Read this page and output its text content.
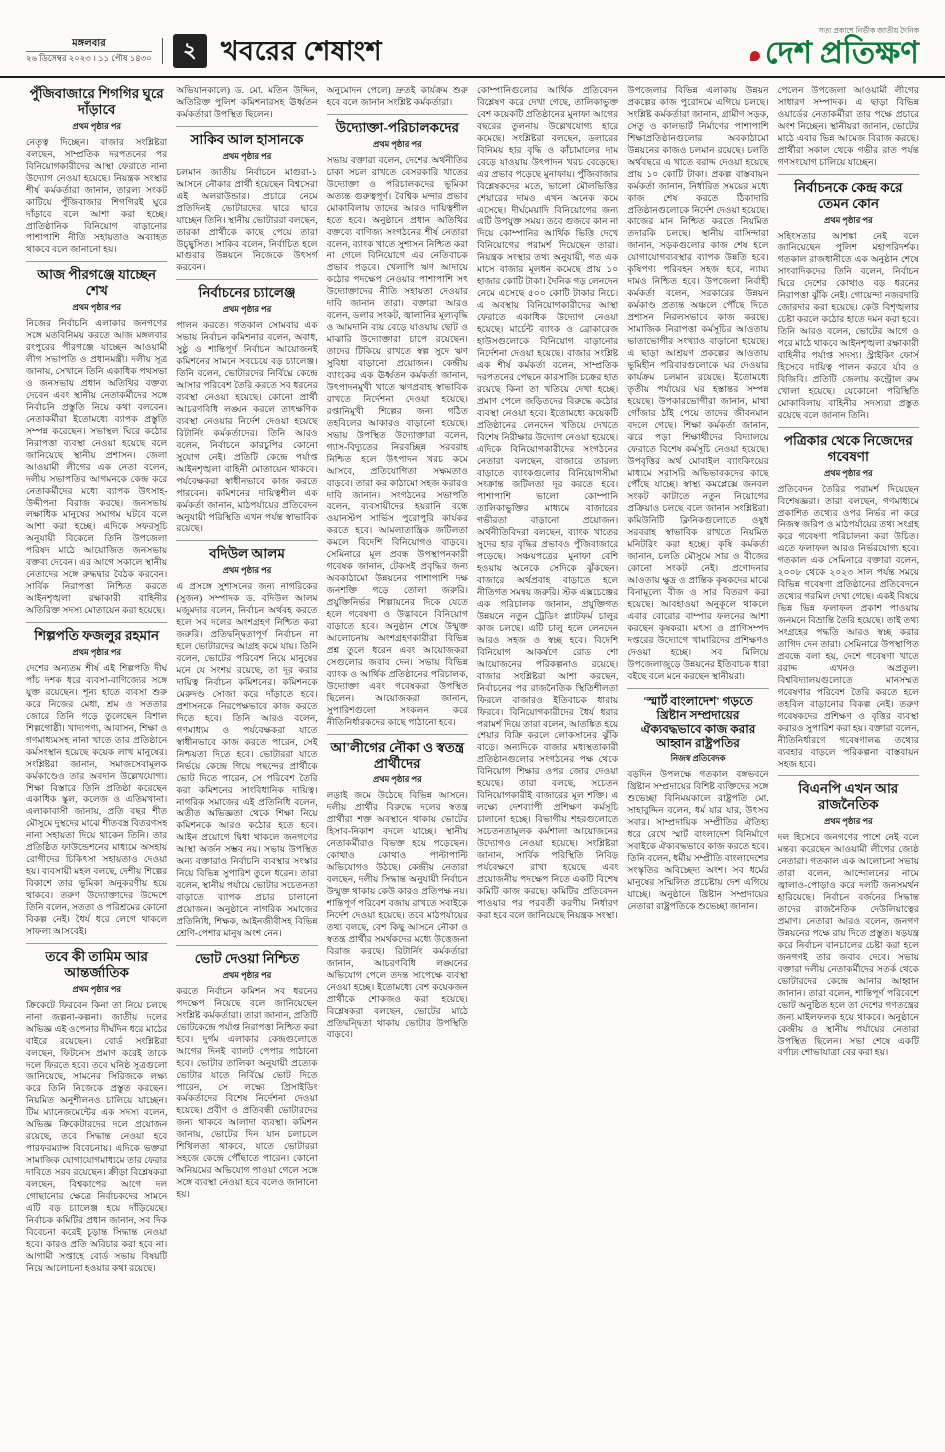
মঙ্গলবার
২৬ ডিসেম্বর ২০২৩ । ১১ পৌষ ১৪৩০	২ খবরের শেষাংশ
সত্য প্রকাশে নির্ভীক জাতীয় দৈনিক
দেশ প্রতিক্ষণ
পুঁজিবাজারে শিগগির ঘুরে দাঁড়াবে
প্রথম পৃষ্ঠার পর

নেতৃত্ব দিচ্ছেন। বাজার সংশ্লিষ্টরা বলছেন, সাম্প্রতিক দরপতনের পর বিনিয়োগকারীদের আস্থা ফেরাতে নানা উদ্যোগ নেওয়া হয়েছে। নিয়ন্ত্রক সংস্থার শীর্ষ কর্মকর্তারা জানান, তারল্য সংকট কাটিয়ে পুঁজিবাজার শিগগিরই ঘুরে দাঁড়াবে বলে আশা করা হচ্ছে। প্রাতিষ্ঠানিক বিনিয়োগ বাড়ানোর পাশাপাশি নীতি সহায়তাও অব্যাহত থাকবে বলে জানানো হয়।

আজ পীরগঞ্জে যাচ্ছেন শেখ
প্রথম পৃষ্ঠার পর

নিজের নির্বাচনি এলাকার জনগণের সঙ্গে মতবিনিময় করতে আজ মঙ্গলবার রংপুরের পীরগঞ্জে যাচ্ছেন আওয়ামী লীগ সভাপতি ও প্রধানমন্ত্রী। দলীয় সূত্র জানায়, সেখানে তিনি একাধিক পথসভা ও জনসভায় প্রধান অতিথির বক্তব্য দেবেন এবং স্থানীয় নেতাকর্মীদের সঙ্গে নির্বাচনি প্রস্তুতি নিয়ে কথা বলবেন। নেতাকর্মীরা ইতোমধ্যে ব্যাপক প্রস্তুতি সম্পন্ন করেছেন। সভাস্থল ঘিরে কঠোর নিরাপত্তা ব্যবস্থা নেওয়া হয়েছে বলে জানিয়েছে স্থানীয় প্রশাসন। জেলা আওয়ামী লীগের এক নেতা বলেন, দলীয় সভাপতির আগমনকে কেন্দ্র করে নেতাকর্মীদের মধ্যে ব্যাপক উৎসাহ-উদ্দীপনা বিরাজ করছে। জনসভায় লক্ষাধিক মানুষের সমাগম ঘটবে বলে আশা করা হচ্ছে। এদিকে সফরসূচি অনুযায়ী বিকেলে তিনি উপজেলা পরিষদ মাঠে আয়োজিত জনসভায় বক্তব্য দেবেন। এর আগে সকালে স্থানীয় নেতাদের সঙ্গে রুদ্ধদ্বার বৈঠক করবেন। সার্বিক নিরাপত্তা নিশ্চিত করতে আইনশৃঙ্খলা রক্ষাকারী বাহিনীর অতিরিক্ত সদস্য মোতায়েন করা হয়েছে।

শিল্পপতি ফজলুর রহমান
প্রথম পৃষ্ঠার পর

দেশের অন্যতম শীর্ষ এই শিল্পপতি দীর্ঘ পাঁচ দশক ধরে ব্যবসা-বাণিজ্যের সঙ্গে যুক্ত রয়েছেন। শূন্য হাতে ব্যবসা শুরু করে নিজের মেধা, শ্রম ও সততার জোরে তিনি গড়ে তুলেছেন বিশাল শিল্পগোষ্ঠী। খাদ্যপণ্য, আবাসন, শিক্ষা ও গণমাধ্যমসহ নানা খাতে তার প্রতিষ্ঠানে কর্মসংস্থান হয়েছে কয়েক লাখ মানুষের। সংশ্লিষ্টরা জানান, সমাজসেবামূলক কর্মকাণ্ডেও তার অবদান উল্লেখযোগ্য। শিক্ষা বিস্তারে তিনি প্রতিষ্ঠা করেছেন একাধিক স্কুল, কলেজ ও এতিমখানা। এলাকাবাসী জানায়, প্রতি বছর শীত মৌসুমে দুস্থদের মাঝে শীতবস্ত্র বিতরণসহ নানা সহায়তা দিয়ে থাকেন তিনি। তার প্রতিষ্ঠিত ফাউন্ডেশনের মাধ্যমে অসহায় রোগীদের চিকিৎসা সহায়তাও দেওয়া হয়। ব্যবসায়ী মহল বলছে, দেশীয় শিল্পের বিকাশে তার ভূমিকা অনুকরণীয় হয়ে থাকবে। তরুণ উদ্যোক্তাদের উদ্দেশে তিনি বলেন, সততা ও পরিশ্রমের কোনো বিকল্প নেই। ধৈর্য ধরে লেগে থাকলে সাফল্য আসবেই।

তবে কী তামিম আর আন্তর্জাতিক
প্রথম পৃষ্ঠার পর

ক্রিকেটে ফিরবেন কিনা তা নিয়ে চলছে নানা জল্পনা-কল্পনা। জাতীয় দলের অভিজ্ঞ এই ওপেনার দীর্ঘদিন ধরে মাঠের বাইরে রয়েছেন। বোর্ড সংশ্লিষ্টরা বলছেন, ফিটনেস প্রমাণ করেই তাকে দলে ফিরতে হবে। তবে ঘনিষ্ঠ সূত্রগুলো জানিয়েছে, সামনের সিরিজকে লক্ষ্য করে তিনি নিজেকে প্রস্তুত করছেন। নিয়মিত অনুশীলনও চালিয়ে যাচ্ছেন। টিম ম্যানেজমেন্টের এক সদস্য বলেন, অভিজ্ঞ ক্রিকেটারদের দলে প্রয়োজন রয়েছে, তবে সিদ্ধান্ত নেওয়া হবে পারফরম্যান্স বিবেচনায়। এদিকে ভক্তরা সামাজিক যোগাযোগমাধ্যমে তার ফেরার দাবিতে সরব রয়েছেন। ক্রীড়া বিশ্লেষকরা বলছেন, বিশ্বকাপের আগে দল গোছানোর ক্ষেত্রে নির্বাচকদের সামনে এটি বড় চ্যালেঞ্জ হয়ে দাঁড়িয়েছে। নির্বাচক কমিটির প্রধান জানান, সব দিক বিবেচনা করেই চূড়ান্ত সিদ্ধান্ত নেওয়া হবে। কারও প্রতি অবিচার করা হবে না। আগামী সপ্তাহে বোর্ড সভায় বিষয়টি নিয়ে আলোচনা হওয়ার কথা রয়েছে।

অভিযানকালে) ড. মো. মতিন উদ্দিন, অতিরিক্ত পুলিশ কমিশনারসহ ঊর্ধ্বতন কর্মকর্তারা উপস্থিত ছিলেন।

সাকিব আল হাসানকে
প্রথম পৃষ্ঠার পর

চলমান জাতীয় নির্বাচনে মাগুরা-১ আসনে নৌকার প্রার্থী হয়েছেন বিশ্বসেরা এই অলরাউন্ডার। প্রচারে নেমে প্রতিদিনই ভোটারদের দ্বারে দ্বারে যাচ্ছেন তিনি। স্থানীয় ভোটাররা বলছেন, তারকা প্রার্থীকে কাছে পেয়ে তারা উচ্ছ্বসিত। সাকিব বলেন, নির্বাচিত হলে মাগুরার উন্নয়নে নিজেকে উৎসর্গ করবেন।

নির্বাচনের চ্যালেঞ্জ
প্রথম পৃষ্ঠার পর

পালন করতে। গতকাল সোমবার এক সভায় নির্বাচন কমিশনার বলেন, অবাধ, সুষ্ঠু ও শান্তিপূর্ণ নির্বাচন আয়োজনই কমিশনের সামনে সবচেয়ে বড় চ্যালেঞ্জ। তিনি বলেন, ভোটারদের নির্বিঘ্নে কেন্দ্রে আসার পরিবেশ তৈরি করতে সব ধরনের ব্যবস্থা নেওয়া হয়েছে। কোনো প্রার্থী আচরণবিধি লঙ্ঘন করলে তাৎক্ষণিক ব্যবস্থা নেওয়ার নির্দেশ দেওয়া হয়েছে রিটার্নিং কর্মকর্তাদের। তিনি আরও বলেন, নির্বাচনে কারচুপির কোনো সুযোগ নেই। প্রতিটি কেন্দ্রে পর্যাপ্ত আইনশৃঙ্খলা বাহিনী মোতায়েন থাকবে। পর্যবেক্ষকরা স্বাধীনভাবে কাজ করতে পারবেন। কমিশনের দায়িত্বশীল এক কর্মকর্তা জানান, মাঠপর্যায়ের প্রতিবেদন অনুযায়ী পরিস্থিতি এখন পর্যন্ত স্বাভাবিক রয়েছে।

বদিউল আলম
প্রথম পৃষ্ঠার পর

এ প্রসঙ্গে সুশাসনের জন্য নাগরিকের (সুজন) সম্পাদক ড. বদিউল আলম মজুমদার বলেন, নির্বাচন অর্থবহ করতে হলে সব দলের অংশগ্রহণ নিশ্চিত করা জরুরি। প্রতিদ্বন্দ্বিতাপূর্ণ নির্বাচন না হলে ভোটারদের আগ্রহ কমে যায়। তিনি বলেন, ভোটের পরিবেশ নিয়ে মানুষের মনে যে সংশয় রয়েছে, তা দূর করার দায়িত্ব নির্বাচন কমিশনের। কমিশনকে মেরুদণ্ড সোজা করে দাঁড়াতে হবে। প্রশাসনকে নিরপেক্ষভাবে কাজ করতে দিতে হবে। তিনি আরও বলেন, গণমাধ্যম ও পর্যবেক্ষকরা যাতে স্বাধীনভাবে কাজ করতে পারেন, সেই নিশ্চয়তা দিতে হবে। ভোটাররা যাতে নির্ভয়ে কেন্দ্রে গিয়ে পছন্দের প্রার্থীকে ভোট দিতে পারেন, সে পরিবেশ তৈরি করা কমিশনের সাংবিধানিক দায়িত্ব। নাগরিক সমাজের এই প্রতিনিধি বলেন, অতীত অভিজ্ঞতা থেকে শিক্ষা নিয়ে কমিশনকে আরও কঠোর হতে হবে। আইন প্রয়োগে দ্বিধা থাকলে জনগণের আস্থা অর্জন সম্ভব নয়। সভায় উপস্থিত অন্য বক্তারাও নির্বাচনি ব্যবস্থার সংস্কার নিয়ে বিভিন্ন সুপারিশ তুলে ধরেন। তারা বলেন, স্থানীয় পর্যায়ে ভোটার সচেতনতা বাড়াতে ব্যাপক প্রচার চালানো প্রয়োজন। অনুষ্ঠানে নাগরিক সমাজের প্রতিনিধি, শিক্ষক, আইনজীবীসহ বিভিন্ন শ্রেণি-পেশার মানুষ অংশ নেন।

ভোট দেওয়া নিশ্চিত
প্রথম পৃষ্ঠার পর

করতে নির্বাচন কমিশন সব ধরনের পদক্ষেপ নিয়েছে বলে জানিয়েছেন সংশ্লিষ্ট কর্মকর্তারা। তারা জানান, প্রতিটি ভোটকেন্দ্রে পর্যাপ্ত নিরাপত্তা নিশ্চিত করা হবে। দুর্গম এলাকার কেন্দ্রগুলোতে আগের দিনই ব্যালট পেপার পাঠানো হবে। ভোটার তালিকা অনুযায়ী প্রত্যেক ভোটার যাতে নির্বিঘ্নে ভোট দিতে পারেন, সে লক্ষ্যে প্রিসাইডিং কর্মকর্তাদের বিশেষ নির্দেশনা দেওয়া হয়েছে। প্রবীণ ও প্রতিবন্ধী ভোটারদের জন্য থাকবে আলাদা ব্যবস্থা। কমিশন জানায়, ভোটের দিন যান চলাচলে শিথিলতা থাকবে, যাতে ভোটাররা সহজে কেন্দ্রে পৌঁছাতে পারেন। কোনো অনিয়মের অভিযোগ পাওয়া গেলে সঙ্গে সঙ্গে ব্যবস্থা নেওয়া হবে বলেও জানানো হয়।

অনুমোদন পেলে) দ্রুতই কার্যক্রম শুরু হবে বলে জানান সংশ্লিষ্ট কর্মকর্তারা।

উদ্যোক্তা-পরিচালকদের
প্রথম পৃষ্ঠার পর

সভায় বক্তারা বলেন, দেশের অর্থনীতির চাকা সচল রাখতে বেসরকারি খাতের উদ্যোক্তা ও পরিচালকদের ভূমিকা অত্যন্ত গুরুত্বপূর্ণ। বৈশ্বিক মন্দার প্রভাব মোকাবিলায় তাদের আরও দায়িত্বশীল হতে হবে। অনুষ্ঠানে প্রধান অতিথির বক্তব্যে বাণিজ্য সংগঠনের শীর্ষ নেতারা বলেন, ব্যাংক খাতে সুশাসন নিশ্চিত করা না গেলে বিনিয়োগে এর নেতিবাচক প্রভাব পড়বে। খেলাপি ঋণ আদায়ে কঠোর পদক্ষেপ নেওয়ার পাশাপাশি সৎ উদ্যোক্তাদের নীতি সহায়তা দেওয়ার দাবি জানান তারা। বক্তারা আরও বলেন, ডলার সংকট, জ্বালানির মূল্যবৃদ্ধি ও আমদানি ব্যয় বেড়ে যাওয়ায় ছোট ও মাঝারি উদ্যোক্তারা চাপে রয়েছেন। তাদের টিকিয়ে রাখতে স্বল্প সুদে ঋণ সুবিধা বাড়ানো প্রয়োজন। কেন্দ্রীয় ব্যাংকের এক ঊর্ধ্বতন কর্মকর্তা জানান, উৎপাদনমুখী খাতে ঋণপ্রবাহ স্বাভাবিক রাখতে নির্দেশনা দেওয়া হয়েছে। রপ্তানিমুখী শিল্পের জন্য গঠিত তহবিলের আকারও বাড়ানো হয়েছে। সভায় উপস্থিত উদ্যোক্তারা বলেন, গ্যাস-বিদ্যুতের নিরবচ্ছিন্ন সরবরাহ নিশ্চিত হলে উৎপাদন খরচ কমে আসবে, প্রতিযোগিতা সক্ষমতাও বাড়বে। তারা কর কাঠামো সহজ করারও দাবি জানান। সংগঠনের সভাপতি বলেন, ব্যবসায়ীদের হয়রানি বন্ধে ওয়ানস্টপ সার্ভিস পুরোপুরি কার্যকর করতে হবে। আমলাতান্ত্রিক জটিলতা কমলে বিদেশি বিনিয়োগও বাড়বে। সেমিনারে মূল প্রবন্ধ উপস্থাপনকারী গবেষক জানান, টেকসই প্রবৃদ্ধির জন্য অবকাঠামো উন্নয়নের পাশাপাশি দক্ষ জনশক্তি গড়ে তোলা জরুরি। প্রযুক্তিনির্ভর শিল্পায়নের দিকে যেতে হলে গবেষণা ও উদ্ভাবনে বিনিয়োগ বাড়াতে হবে। অনুষ্ঠান শেষে উন্মুক্ত আলোচনায় অংশগ্রহণকারীরা বিভিন্ন প্রশ্ন তুলে ধরেন এবং আয়োজকরা সেগুলোর জবাব দেন। সভায় বিভিন্ন ব্যাংক ও আর্থিক প্রতিষ্ঠানের পরিচালক, উদ্যোক্তা এবং গবেষকরা উপস্থিত ছিলেন। আয়োজকরা জানান, সুপারিশগুলো সংকলন করে নীতিনির্ধারকদের কাছে পাঠানো হবে।

আ'লীগের নৌকা ও স্বতন্ত্র প্রার্থীদের
প্রথম পৃষ্ঠার পর

লড়াই জমে উঠেছে বিভিন্ন আসনে। দলীয় প্রার্থীর বিরুদ্ধে দলের স্বতন্ত্র প্রার্থীরা শক্ত অবস্থানে থাকায় ভোটের হিসাব-নিকাশ বদলে যাচ্ছে। স্থানীয় নেতাকর্মীরাও বিভক্ত হয়ে পড়েছেন। কোথাও কোথাও পাল্টাপাল্টি অভিযোগও উঠছে। কেন্দ্রীয় নেতারা বলছেন, দলীয় সিদ্ধান্ত অনুযায়ী নির্বাচন উন্মুক্ত থাকায় কেউ কারও প্রতিপক্ষ নয়। শান্তিপূর্ণ পরিবেশ বজায় রাখতে সবাইকে নির্দেশ দেওয়া হয়েছে। তবে মাঠপর্যায়ের তথ্য বলছে, বেশ কিছু আসনে নৌকা ও স্বতন্ত্র প্রার্থীর সমর্থকদের মধ্যে উত্তেজনা বিরাজ করছে। রিটার্নিং কর্মকর্তারা জানান, আচরণবিধি লঙ্ঘনের অভিযোগ পেলে তদন্ত সাপেক্ষে ব্যবস্থা নেওয়া হচ্ছে। ইতোমধ্যে বেশ কয়েকজন প্রার্থীকে শোকজও করা হয়েছে। বিশ্লেষকরা বলছেন, ভোটের মাঠে প্রতিদ্বন্দ্বিতা থাকায় ভোটার উপস্থিতি বাড়বে।

কোম্পানিগুলোর আর্থিক প্রতিবেদন বিশ্লেষণ করে দেখা গেছে, তালিকাভুক্ত বেশ কয়েকটি প্রতিষ্ঠানের মুনাফা আগের বছরের তুলনায় উল্লেখযোগ্য হারে কমেছে। সংশ্লিষ্টরা বলছেন, ডলারের বিনিময় হার বৃদ্ধি ও কাঁচামালের দাম বেড়ে যাওয়ায় উৎপাদন খরচ বেড়েছে। এর প্রভাব পড়েছে মুনাফায়। পুঁজিবাজার বিশ্লেষকদের মতে, ভালো মৌলভিত্তির শেয়ারের দামও এখন অনেক কমে এসেছে। দীর্ঘমেয়াদি বিনিয়োগের জন্য এটি উপযুক্ত সময়। তবে গুজবে কান না দিয়ে কোম্পানির আর্থিক ভিত্তি দেখে বিনিয়োগের পরামর্শ দিয়েছেন তারা। নিয়ন্ত্রক সংস্থার তথ্য অনুযায়ী, গত এক মাসে বাজার মূলধন কমেছে প্রায় ১০ হাজার কোটি টাকা। দৈনিক গড় লেনদেন নেমে এসেছে ৫০০ কোটি টাকার নিচে। এ অবস্থায় বিনিয়োগকারীদের আস্থা ফেরাতে একাধিক উদ্যোগ নেওয়া হয়েছে। মার্চেন্ট ব্যাংক ও ব্রোকারেজ হাউসগুলোকে বিনিয়োগ বাড়ানোর নির্দেশনা দেওয়া হয়েছে। বাজার সংশ্লিষ্ট এক শীর্ষ কর্মকর্তা বলেন, সাম্প্রতিক দরপতনের পেছনে কারসাজি চক্রের হাত রয়েছে কিনা তা খতিয়ে দেখা হচ্ছে। প্রমাণ পেলে জড়িতদের বিরুদ্ধে কঠোর ব্যবস্থা নেওয়া হবে। ইতোমধ্যে কয়েকটি প্রতিষ্ঠানের লেনদেন খতিয়ে দেখতে বিশেষ নিরীক্ষার উদ্যোগ নেওয়া হয়েছে। এদিকে বিনিয়োগকারীদের সংগঠনের নেতারা বলছেন, বাজারে তারল্য বাড়াতে ব্যাংকগুলোর বিনিয়োগসীমা সংক্রান্ত জটিলতা দূর করতে হবে। পাশাপাশি ভালো কোম্পানি তালিকাভুক্তির মাধ্যমে বাজারের গভীরতা বাড়ানো প্রয়োজন। অর্থনীতিবিদরা বলছেন, ব্যাংক খাতের সুদের হার বৃদ্ধির প্রভাবও পুঁজিবাজারে পড়েছে। সঞ্চয়পত্রের মুনাফা বেশি হওয়ায় অনেকে সেদিকে ঝুঁকছেন। বাজারে অর্থপ্রবাহ বাড়াতে হলে নীতিগত সমন্বয় জরুরি। স্টক এক্সচেঞ্জের এক পরিচালক জানান, প্রযুক্তিগত উন্নয়নে নতুন ট্রেডিং প্ল্যাটফর্ম চালুর কাজ চলছে। এটি চালু হলে লেনদেন আরও সহজ ও স্বচ্ছ হবে। বিদেশি বিনিয়োগ আকর্ষণে রোড শো আয়োজনের পরিকল্পনাও রয়েছে। বাজার সংশ্লিষ্টরা আশা করছেন, নির্বাচনের পর রাজনৈতিক স্থিতিশীলতা ফিরলে বাজারও ইতিবাচক ধারায় ফিরবে। বিনিয়োগকারীদের ধৈর্য ধরার পরামর্শ দিয়ে তারা বলেন, আতঙ্কিত হয়ে শেয়ার বিক্রি করলে লোকসানের ঝুঁকি বাড়ে। অন্যদিকে বাজার মধ্যস্থতাকারী প্রতিষ্ঠানগুলোর সংগঠনের পক্ষ থেকে বিনিয়োগ শিক্ষার ওপর জোর দেওয়া হয়েছে। তারা বলছে, সচেতন বিনিয়োগকারীই বাজারের মূল শক্তি। এ লক্ষ্যে দেশব্যাপী প্রশিক্ষণ কর্মসূচি চালানো হচ্ছে। বিভাগীয় শহরগুলোতে সচেতনতামূলক কর্মশালা আয়োজনের উদ্যোগও নেওয়া হয়েছে। সংশ্লিষ্টরা জানান, সার্বিক পরিস্থিতি নিবিড় পর্যবেক্ষণে রাখা হয়েছে এবং প্রয়োজনীয় পদক্ষেপ নিতে একটি বিশেষ কমিটি কাজ করছে। কমিটির প্রতিবেদন পাওয়ার পর পরবর্তী করণীয় নির্ধারণ করা হবে বলে জানিয়েছে নিয়ন্ত্রক সংস্থা।

উপজেলার বিভিন্ন এলাকায় উন্নয়ন প্রকল্পের কাজ পুরোদমে এগিয়ে চলছে। সংশ্লিষ্ট কর্মকর্তারা জানান, গ্রামীণ সড়ক, সেতু ও কালভার্ট নির্মাণের পাশাপাশি শিক্ষাপ্রতিষ্ঠানগুলোর অবকাঠামো উন্নয়নের কাজও চলমান রয়েছে। চলতি অর্থবছরে এ খাতে বরাদ্দ দেওয়া হয়েছে প্রায় ১০ কোটি টাকা। প্রকল্প বাস্তবায়ন কর্মকর্তা জানান, নির্ধারিত সময়ের মধ্যে কাজ শেষ করতে ঠিকাদারি প্রতিষ্ঠানগুলোকে নির্দেশ দেওয়া হয়েছে। কাজের মান নিশ্চিত করতে নিয়মিত তদারকি চলছে। স্থানীয় বাসিন্দারা জানান, সড়কগুলোর কাজ শেষ হলে যোগাযোগব্যবস্থার ব্যাপক উন্নতি হবে। কৃষিপণ্য পরিবহন সহজ হবে, ন্যায্য দামও নিশ্চিত হবে। উপজেলা নির্বাহী কর্মকর্তা বলেন, সরকারের উন্নয়ন কর্মকাণ্ড প্রত্যন্ত অঞ্চলে পৌঁছে দিতে প্রশাসন নিরলসভাবে কাজ করছে। সামাজিক নিরাপত্তা কর্মসূচির আওতায় ভাতাভোগীর সংখ্যাও বাড়ানো হয়েছে। এ ছাড়া আশ্রয়ণ প্রকল্পের আওতায় ভূমিহীন পরিবারগুলোকে ঘর দেওয়ার কার্যক্রম চলমান রয়েছে। ইতোমধ্যে তৃতীয় পর্যায়ের ঘর হস্তান্তর সম্পন্ন হয়েছে। উপকারভোগীরা জানান, মাথা গোঁজার ঠাঁই পেয়ে তাদের জীবনমান বদলে গেছে। শিক্ষা কর্মকর্তা জানান, ঝরে পড়া শিক্ষার্থীদের বিদ্যালয়ে ফেরাতে বিশেষ কর্মসূচি নেওয়া হয়েছে। উপবৃত্তির অর্থ মোবাইল ব্যাংকিংয়ের মাধ্যমে সরাসরি অভিভাবকদের কাছে পৌঁছে যাচ্ছে। স্বাস্থ্য কমপ্লেক্সে জনবল সংকট কাটাতে নতুন নিয়োগের প্রক্রিয়াও চলছে বলে জানান সংশ্লিষ্টরা। কমিউনিটি ক্লিনিকগুলোতে ওষুধ সরবরাহ স্বাভাবিক রাখতে নিয়মিত মনিটরিং করা হচ্ছে। কৃষি কর্মকর্তা জানান, চলতি মৌসুমে সার ও বীজের কোনো সংকট নেই। প্রণোদনার আওতায় ক্ষুদ্র ও প্রান্তিক কৃষকদের মাঝে বিনামূল্যে বীজ ও সার বিতরণ করা হয়েছে। আবহাওয়া অনুকূলে থাকলে এবার বোরোর বাম্পার ফলনের আশা করছেন কৃষকরা। মৎস্য ও প্রাণিসম্পদ দপ্তরের উদ্যোগে খামারিদের প্রশিক্ষণও দেওয়া হচ্ছে। সব মিলিয়ে উপজেলাজুড়ে উন্নয়নের ইতিবাচক ধারা বইছে বলে মনে করছেন স্থানীয়রা।

'স্মার্ট বাংলাদেশ' গড়তে খ্রিষ্টান সম্প্রদায়ের ঐক্যবদ্ধভাবে কাজ করার আহ্বান রাষ্ট্রপতির
নিজস্ব প্রতিবেদক

বড়দিন উপলক্ষে গতকাল বঙ্গভবনে খ্রিষ্টান সম্প্রদায়ের বিশিষ্ট ব্যক্তিদের সঙ্গে শুভেচ্ছা বিনিময়কালে রাষ্ট্রপতি মো. সাহাবুদ্দিন বলেন, ধর্ম যার যার, উৎসব সবার। সাম্প্রদায়িক সম্প্রীতির ঐতিহ্য ধরে রেখে স্মার্ট বাংলাদেশ বিনির্মাণে সবাইকে ঐক্যবদ্ধভাবে কাজ করতে হবে। তিনি বলেন, ধর্মীয় সম্প্রীতি বাংলাদেশের সংস্কৃতির অবিচ্ছেদ্য অংশ। সব ধর্মের মানুষের সম্মিলিত প্রচেষ্টায় দেশ এগিয়ে যাচ্ছে। অনুষ্ঠানে খ্রিষ্টান সম্প্রদায়ের নেতারা রাষ্ট্রপতিকে শুভেচ্ছা জানান।

পেলেন উপজেলা আওয়ামী লীগের সাধারণ সম্পাদক। এ ছাড়া বিভিন্ন ওয়ার্ডের নেতাকর্মীরা তার পক্ষে প্রচারে অংশ নিচ্ছেন। স্থানীয়রা জানান, ভোটের মাঠে এবার ভিন্ন আমেজ বিরাজ করছে। প্রার্থীরা সকাল থেকে গভীর রাত পর্যন্ত গণসংযোগ চালিয়ে যাচ্ছেন।

নির্বাচনকে কেন্দ্র করে তেমন কোন
প্রথম পৃষ্ঠার পর

সহিংসতার আশঙ্কা নেই বলে জানিয়েছেন পুলিশ মহাপরিদর্শক। গতকাল রাজধানীতে এক অনুষ্ঠান শেষে সাংবাদিকদের তিনি বলেন, নির্বাচন ঘিরে দেশের কোথাও বড় ধরনের নিরাপত্তা ঝুঁকি নেই। গোয়েন্দা নজরদারি জোরদার করা হয়েছে। কেউ বিশৃঙ্খলার চেষ্টা করলে কঠোর হাতে দমন করা হবে। তিনি আরও বলেন, ভোটের আগে ও পরে মাঠে থাকবে আইনশৃঙ্খলা রক্ষাকারী বাহিনীর পর্যাপ্ত সদস্য। স্ট্রাইকিং ফোর্স হিসেবে দায়িত্ব পালন করবে র্যাব ও বিজিবি। প্রতিটি জেলায় কন্ট্রোল রুম খোলা হয়েছে। যেকোনো পরিস্থিতি মোকাবিলায় বাহিনীর সদস্যরা প্রস্তুত রয়েছে বলে জানান তিনি।

পত্রিকার থেকে নিজেদের গবেষণা
প্রথম পৃষ্ঠার পর

প্রতিবেদন তৈরির পরামর্শ দিয়েছেন বিশেষজ্ঞরা। তারা বলছেন, গণমাধ্যমে প্রকাশিত তথ্যের ওপর নির্ভর না করে নিজস্ব জরিপ ও মাঠপর্যায়ের তথ্য সংগ্রহ করে গবেষণা পরিচালনা করা উচিত। এতে ফলাফল আরও নির্ভরযোগ্য হবে। গতকাল এক সেমিনারে বক্তারা বলেন, ২০০৮ থেকে ২০২৩ সাল পর্যন্ত সময়ে বিভিন্ন গবেষণা প্রতিষ্ঠানের প্রতিবেদনে তথ্যের গরমিল দেখা গেছে। একই বিষয়ে ভিন্ন ভিন্ন ফলাফল প্রকাশ পাওয়ায় জনমনে বিভ্রান্তি তৈরি হয়েছে। তাই তথ্য সংগ্রহের পদ্ধতি আরও স্বচ্ছ করার তাগিদ দেন তারা। সেমিনারে উপস্থাপিত প্রবন্ধে বলা হয়, দেশে গবেষণা খাতে বরাদ্দ এখনও অপ্রতুল। বিশ্ববিদ্যালয়গুলোতে মানসম্মত গবেষণার পরিবেশ তৈরি করতে হলে তহবিল বাড়ানোর বিকল্প নেই। তরুণ গবেষকদের প্রশিক্ষণ ও বৃত্তির ব্যবস্থা করারও সুপারিশ করা হয়। বক্তারা বলেন, নীতিনির্ধারণে গবেষণালব্ধ তথ্যের ব্যবহার বাড়লে পরিকল্পনা বাস্তবায়ন সহজ হবে।

বিএনপি এখন আর রাজনৈতিক
প্রথম পৃষ্ঠার পর

দল হিসেবে জনগণের পাশে নেই বলে মন্তব্য করেছেন আওয়ামী লীগের জ্যেষ্ঠ নেতারা। গতকাল এক আলোচনা সভায় তারা বলেন, আন্দোলনের নামে জ্বালাও-পোড়াও করে দলটি জনসমর্থন হারিয়েছে। নির্বাচন বর্জনের সিদ্ধান্ত তাদের রাজনৈতিক দেউলিয়াত্বের প্রমাণ। নেতারা আরও বলেন, জনগণ উন্নয়নের পক্ষে রায় দিতে প্রস্তুত। ষড়যন্ত্র করে নির্বাচন বানচালের চেষ্টা করা হলে জনগণই তার জবাব দেবে। সভায় বক্তারা দলীয় নেতাকর্মীদের সতর্ক থেকে ভোটারদের কেন্দ্রে আনার আহ্বান জানান। তারা বলেন, শান্তিপূর্ণ পরিবেশে ভোট অনুষ্ঠিত হলে তা দেশের গণতন্ত্রের জন্য মাইলফলক হয়ে থাকবে। অনুষ্ঠানে কেন্দ্রীয় ও স্থানীয় পর্যায়ের নেতারা উপস্থিত ছিলেন। সভা শেষে একটি বর্ণাঢ্য শোভাযাত্রা বের করা হয়।
